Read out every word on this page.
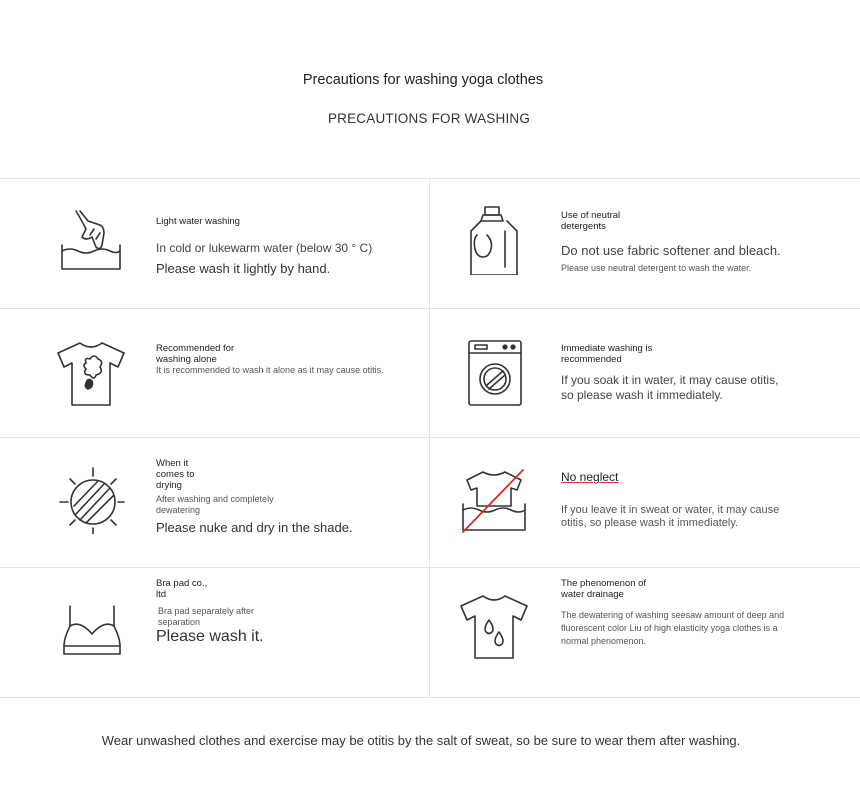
Precautions for washing yoga clothes
PRECAUTIONS FOR WASHING
Light water washing
In cold or lukewarm water (below 30 ° C)
Please wash it lightly by hand.
Use of neutral detergents
Do not use fabric softener and bleach.
Please use neutral detergent to wash the water.
Recommended for washing alone
It is recommended to wash it alone as it may cause otitis.
Immediate washing is recommended
If you soak it in water, it may cause otitis, so please wash it immediately.
When it comes to drying
After washing and completely dewatering
Please nuke and dry in the shade.
No neglect
If you leave it in sweat or water, it may cause otitis, so please wash it immediately.
Bra pad co., ltd
Bra pad separately after separation
Please wash it.
The phenomenon of water drainage
The dewatering of washing seesaw amount of deep and fluorescent color Liu of high elasticity yoga clothes is a normal phenomenon.
Wear unwashed clothes and exercise may be otitis by the salt of sweat, so be sure to wear them after washing.
